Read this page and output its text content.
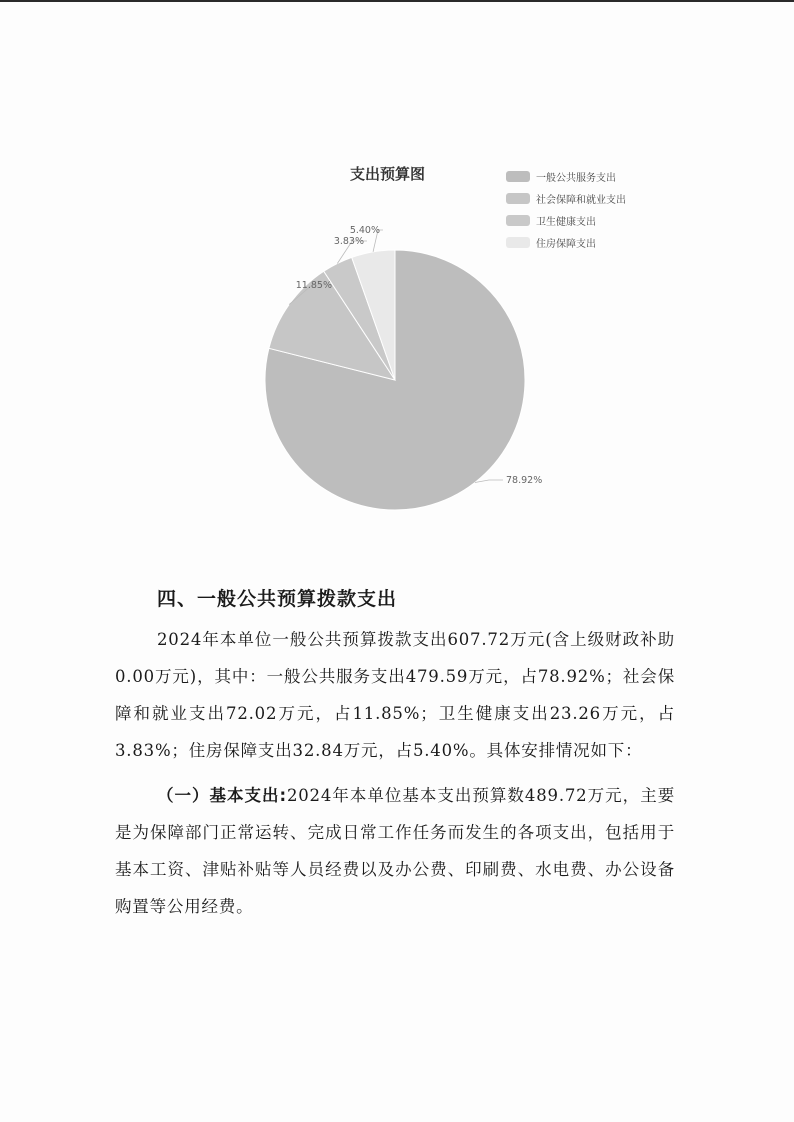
支出预算图
78.92%
11.85%
3.83%
5.40%
一般公共服务支出
社会保障和就业支出
卫生健康支出
住房保障支出
四、一般公共预算拨款支出

2024年本单位一般公共预算拨款支出607.72万元(含上级财政补助0.00万元)，其中：一般公共服务支出479.59万元，占78.92%；社会保障和就业支出72.02万元，占11.85%；卫生健康支出23.26万元，占3.83%；住房保障支出32.84万元，占5.40%。具体安排情况如下：

（一）基本支出:2024年本单位基本支出预算数489.72万元，主要是为保障部门正常运转、完成日常工作任务而发生的各项支出，包括用于基本工资、津贴补贴等人员经费以及办公费、印刷费、水电费、办公设备购置等公用经费。
